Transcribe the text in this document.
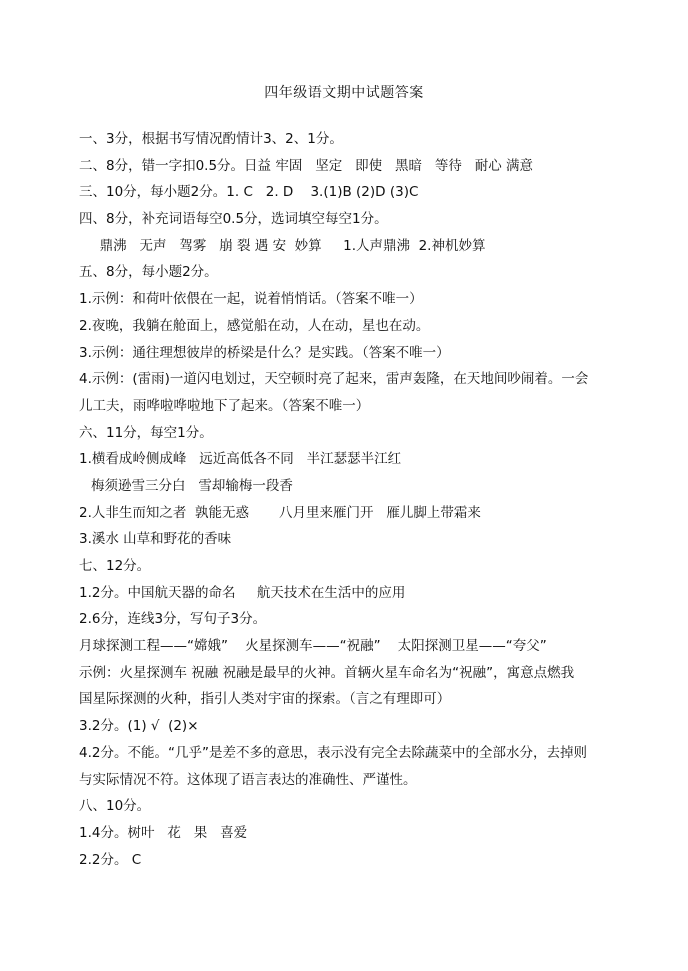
四年级语文期中试题答案
一、3分，根据书写情况酌情计3、2、1分。
二、8分，错一字扣0.5分。日益 牢固   坚定   即使   黑暗   等待   耐心 满意
三、10分，每小题2分。1. C   2. D    3.(1)B (2)D (3)C
四、8分，补充词语每空0.5分，选词填空每空1分。
鼎沸   无声   驾雾   崩 裂 遇 安  妙算     1.人声鼎沸  2.神机妙算
五、8分，每小题2分。
1.示例：和荷叶依偎在一起，说着悄悄话。（答案不唯一）
2.夜晚，我躺在舱面上，感觉船在动，人在动，星也在动。
3.示例：通往理想彼岸的桥梁是什么？是实践。（答案不唯一）
4.示例：(雷雨)一道闪电划过，天空顿时亮了起来，雷声轰隆，在天地间吵闹着。一会
儿工夫，雨哗啦哗啦地下了起来。（答案不唯一）
六、11分，每空1分。
1.横看成岭侧成峰   远近高低各不同   半江瑟瑟半江红
梅须逊雪三分白   雪却输梅一段香
2.人非生而知之者  孰能无惑       八月里来雁门开   雁儿脚上带霜来
3.溪水 山草和野花的香味
七、12分。
1.2分。中国航天器的命名     航天技术在生活中的应用
2.6分，连线3分，写句子3分。
月球探测工程——“嫦娥”    火星探测车——“祝融”    太阳探测卫星——“夸父”
示例：火星探测车 祝融 祝融是最早的火神。首辆火星车命名为“祝融”，寓意点燃我
国星际探测的火种，指引人类对宇宙的探索。（言之有理即可）
3.2分。(1) √  (2)×
4.2分。不能。“几乎”是差不多的意思，表示没有完全去除蔬菜中的全部水分，去掉则
与实际情况不符。这体现了语言表达的准确性、严谨性。
八、10分。
1.4分。树叶   花   果   喜爱
2.2分。 C
